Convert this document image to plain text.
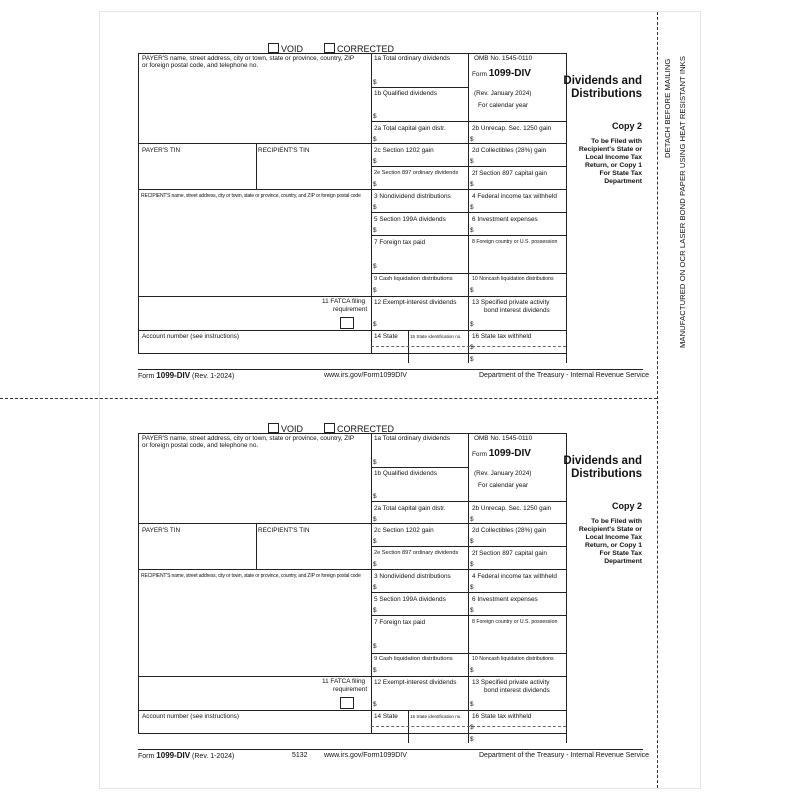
DETACH BEFORE MAILING MANUFACTURED ON OCR LASER BOND PAPER USING HEAT RESISTANT INKS
VOID	CORRECTED
PAYER'S name, street address, city or town, state or province, country, ZIP
or foreign postal code, and telephone no.
PAYER'S TIN	RECIPIENT'S TIN
RECIPIENT'S name, street address, city or town, state or province, country, and ZIP or foreign postal code
11 FATCA filing
requirement
Account number (see instructions)
1a Total ordinary dividends
$
1b Qualified dividends
$
OMB No. 1545-0110
Form 1099-DIV
(Rev. January 2024)
For calendar year
Dividends and
Distributions
Copy 2
To be Filed with
Recipient's State or
Local Income Tax
Return, or Copy 1
For State Tax
Department
2a Total capital gain distr.
$
2b Unrecap. Sec. 1250 gain
$
2c Section 1202 gain
$
2d Collectibles (28%) gain
$
2e Section 897 ordinary dividends
$
2f Section 897 capital gain
$
3 Nondividend distributions
$
4 Federal income tax withheld
$
5 Section 199A dividends
$
6 Investment expenses
$
7 Foreign tax paid
$
8 Foreign country or U.S. possession
9 Cash liquidation distributions
$
10 Noncash liquidation distributions
$
12 Exempt-interest dividends
$
13 Specified private activity
bond interest dividends
$
14 State	15 State identification no. 16 State tax withheld
$
$
Form 1099-DIV (Rev. 1-2024)	www.irs.gov/Form1099DIV	Department of the Treasury - Internal Revenue Service
VOID	CORRECTED
PAYER'S name, street address, city or town, state or province, country, ZIP
or foreign postal code, and telephone no.
PAYER'S TIN	RECIPIENT'S TIN
RECIPIENT'S name, street address, city or town, state or province, country, and ZIP or foreign postal code
11 FATCA filing
requirement
Account number (see instructions)
1a Total ordinary dividends
$
1b Qualified dividends
$
OMB No. 1545-0110
Form 1099-DIV
(Rev. January 2024)
For calendar year
Dividends and
Distributions
Copy 2
To be Filed with
Recipient's State or
Local Income Tax
Return, or Copy 1
For State Tax
Department
2a Total capital gain distr.
$
2b Unrecap. Sec. 1250 gain
$
2c Section 1202 gain
$
2d Collectibles (28%) gain
$
2e Section 897 ordinary dividends
$
2f Section 897 capital gain
$
3 Nondividend distributions
$
4 Federal income tax withheld
$
5 Section 199A dividends
$
6 Investment expenses
$
7 Foreign tax paid
$
8 Foreign country or U.S. possession
9 Cash liquidation distributions
$
10 Noncash liquidation distributions
$
12 Exempt-interest dividends
$
13 Specified private activity
bond interest dividends
$
14 State	15 State identification no. 16 State tax withheld
$
$
Form 1099-DIV (Rev. 1-2024)	5132 www.irs.gov/Form1099DIV	Department of the Treasury - Internal Revenue Service
